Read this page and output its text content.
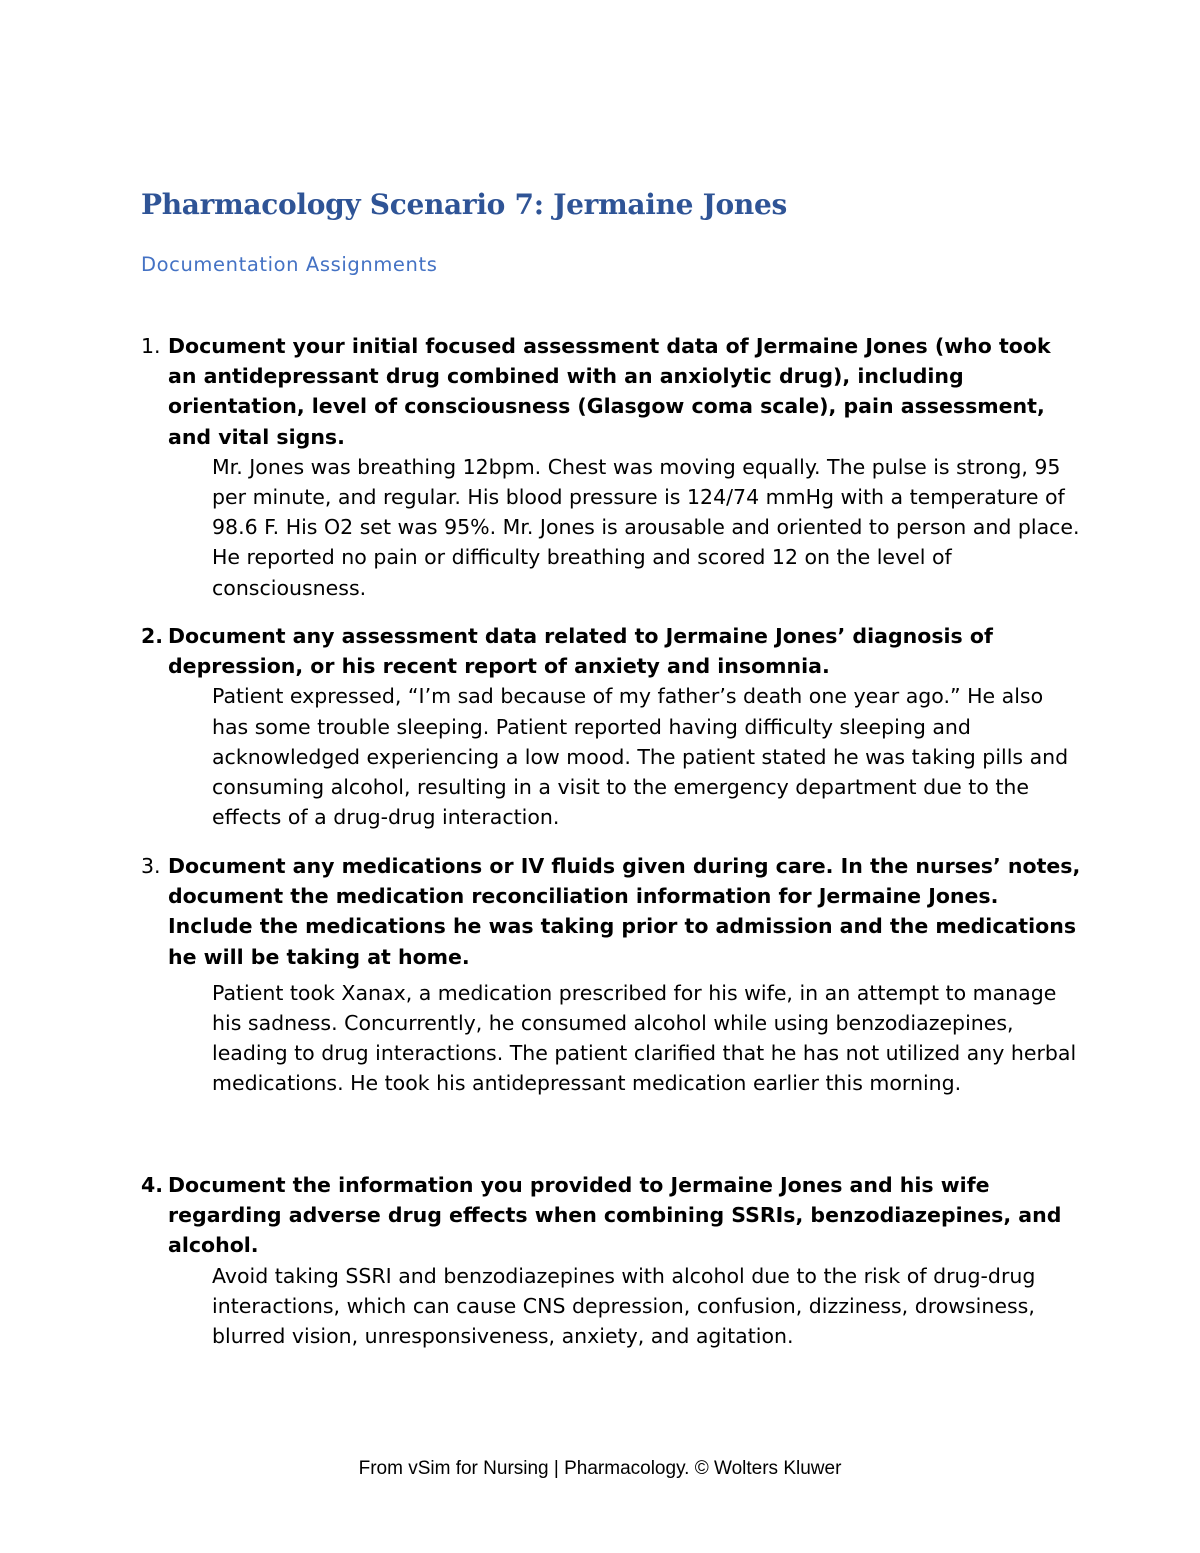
Pharmacology Scenario 7: Jermaine Jones
Documentation Assignments
1. Document your initial focused assessment data of Jermaine Jones (who took an antidepressant drug combined with an anxiolytic drug), including orientation, level of consciousness (Glasgow coma scale), pain assessment, and vital signs.
Mr. Jones was breathing 12bpm. Chest was moving equally. The pulse is strong, 95 per minute, and regular. His blood pressure is 124/74 mmHg with a temperature of 98.6 F. His O2 set was 95%. Mr. Jones is arousable and oriented to person and place. He reported no pain or difficulty breathing and scored 12 on the level of consciousness.
2. Document any assessment data related to Jermaine Jones’ diagnosis of depression, or his recent report of anxiety and insomnia.
Patient expressed, “I’m sad because of my father’s death one year ago.” He also has some trouble sleeping. Patient reported having difficulty sleeping and acknowledged experiencing a low mood. The patient stated he was taking pills and consuming alcohol, resulting in a visit to the emergency department due to the effects of a drug-drug interaction.
3. Document any medications or IV fluids given during care. In the nurses’ notes, document the medication reconciliation information for Jermaine Jones. Include the medications he was taking prior to admission and the medications he will be taking at home.
Patient took Xanax, a medication prescribed for his wife, in an attempt to manage his sadness. Concurrently, he consumed alcohol while using benzodiazepines, leading to drug interactions. The patient clarified that he has not utilized any herbal medications. He took his antidepressant medication earlier this morning.
4. Document the information you provided to Jermaine Jones and his wife regarding adverse drug effects when combining SSRIs, benzodiazepines, and alcohol.
Avoid taking SSRI and benzodiazepines with alcohol due to the risk of drug-drug interactions, which can cause CNS depression, confusion, dizziness, drowsiness, blurred vision, unresponsiveness, anxiety, and agitation.
From vSim for Nursing | Pharmacology. © Wolters Kluwer
